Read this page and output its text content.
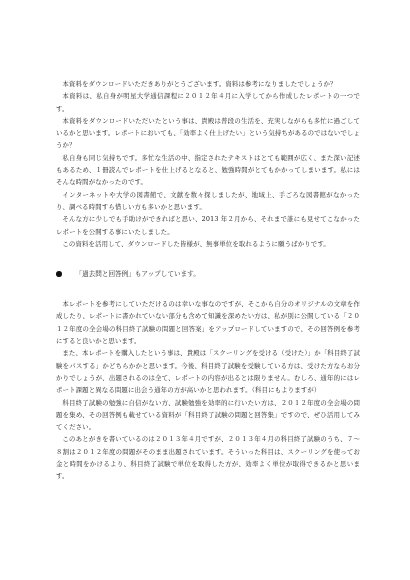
本資料をダウンロードいただきありがとうございます。資料は参考になりましたでしょうか？

本資料は、私自身が明星大学通信課程に２０１２年４月に入学してから作成したレポートの一つです。

本資料をダウンロードいただいたという事は、貴殿は普段の生活を、充実しながらも多忙に過ごしているかと思います。レポートにおいても、「効率よく仕上げたい」という気持ちがあるのではないでしょうか？

私自身も同じ気持ちです。多忙な生活の中、指定されたテキストはとても範囲が広く、また深い記述もあるため、１冊読んでレポートを仕上げるとなると、勉強時間がとてもかかってしまいます。私にはそんな時間がなかったのです。

インターネットや大学の図書館で、文献を数々探しましたが、地域上、手ごろな図書館がなかったり、調べる時間すら惜しい方も多いかと思います。

そんな方に少しでも手助けができればと思い、2013 年２月から、それまで誰にも見せてこなかったレポートを公開する事にいたしました。

この資料を活用して、ダウンロードした皆様が、無事単位を取れるように願うばかりです。

「過去問と回答例」もアップしています。

本レポートを参考にしていただけるのは幸いな事なのですが、そこから自分のオリジナルの文章を作成したり、レポートに書かれていない部分も含めて知識を深めたい方は、私が別に公開している「２０１２年度の全会場の科目終了試験の問題と回答案」をアップロードしていますので、その回答例を参考にすると良いかと思います。

また、本レポートを購入したという事は、貴殿は「スクーリングを受ける（受けた）」か「科目終了試験をパスする」かどちらかかと思います。今後、科目終了試験を受験している方は、受けた方ならお分かりでしょうが、出題されるのは全て、レポートの内容が出るとは限りません。むしろ、通年的にはレポート課題と異なる問題に出会う通年の方が高いかと思われます。（科目にもよりますが）

科目終了試験の勉強に自信がない方、試験勉強を効率的に行いたい方は、２０１２年度の全会場の問題を集め、その回答例も載せている資料が「科目終了試験の問題と回答集」ですので、ぜひ活用してみてください。

このあとがきを書いているのは２０１３年４月ですが、２０１３年４月の科目終了試験のうち、７～８割は２０１２年度の問題がそのまま出題されています。そういった科目は、スクーリングを使ってお金と時間をかけるより、科目終了試験で単位を取得した方が、効率よく単位が取得できるかと思います。
